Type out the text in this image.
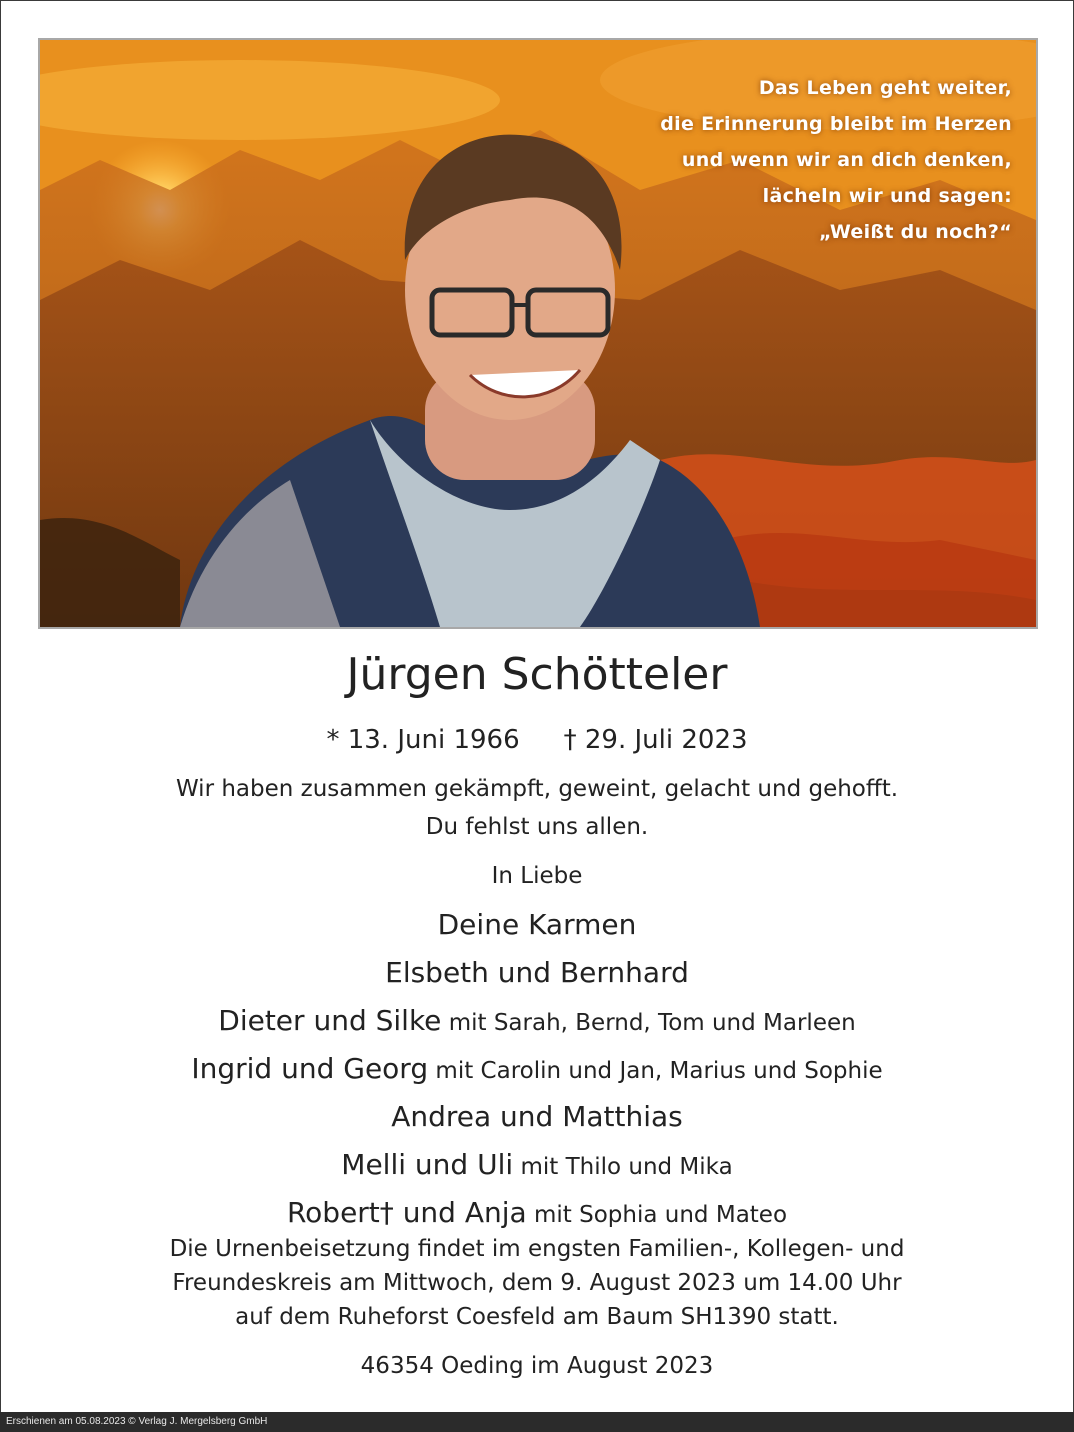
Das Leben geht weiter,
die Erinnerung bleibt im Herzen
und wenn wir an dich denken,
lächeln wir und sagen:
„Weißt du noch?“
Jürgen Schötteler
* 13. Juni 1966 † 29. Juli 2023
Wir haben zusammen gekämpft, geweint, gelacht und gehofft.
Du fehlst uns allen.
In Liebe
Deine Karmen
Elsbeth und Bernhard
Dieter und Silke mit Sarah, Bernd, Tom und Marleen
Ingrid und Georg mit Carolin und Jan, Marius und Sophie
Andrea und Matthias
Melli und Uli mit Thilo und Mika
Robert† und Anja mit Sophia und Mateo
Die Urnenbeisetzung findet im engsten Familien-, Kollegen- und
Freundeskreis am Mittwoch, dem 9. August 2023 um 14.00 Uhr
auf dem Ruheforst Coesfeld am Baum SH1390 statt.
46354 Oeding im August 2023
Erschienen am 05.08.2023 © Verlag J. Mergelsberg GmbH
